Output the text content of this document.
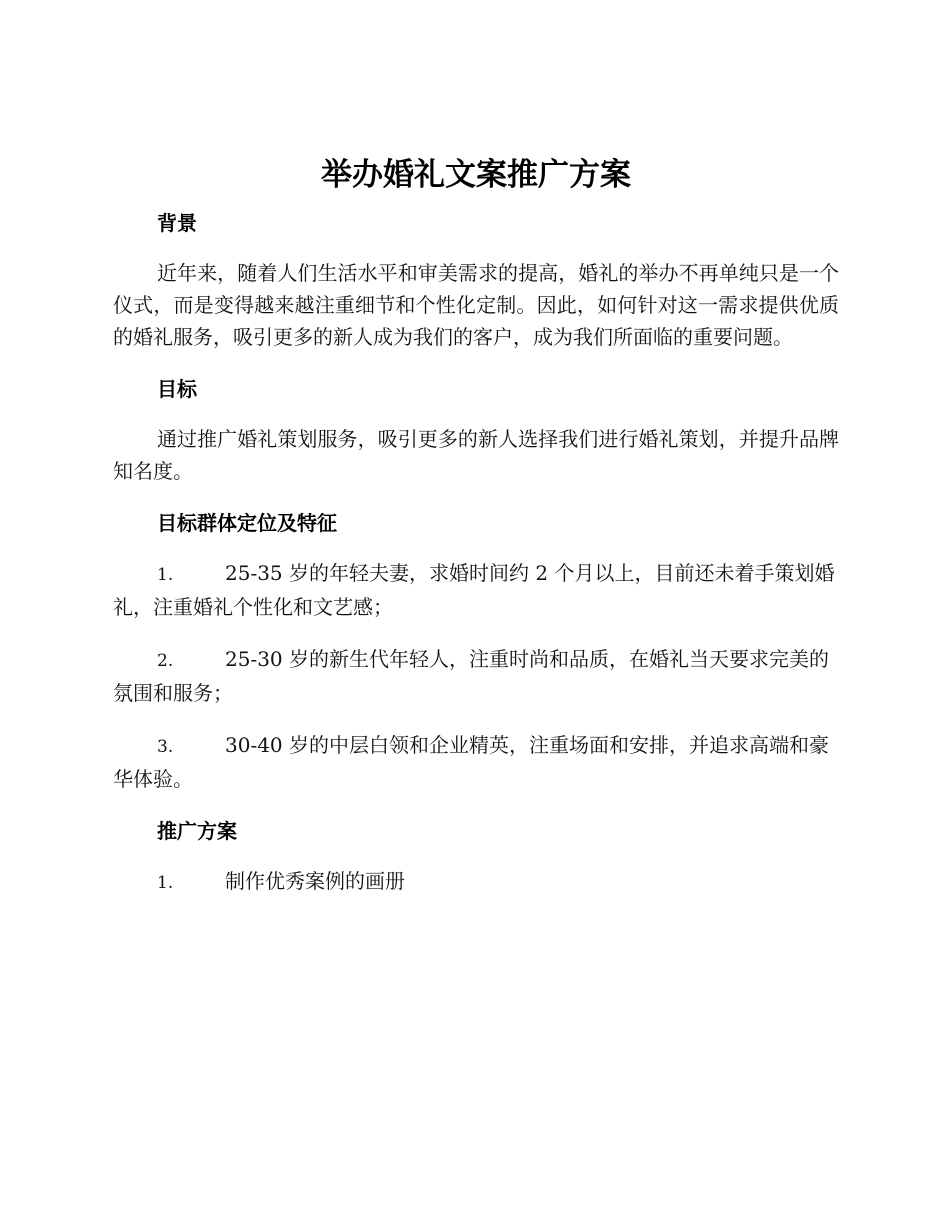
举办婚礼文案推广方案
背景

近年来，随着人们生活水平和审美需求的提高，婚礼的举办不再单纯只是一个仪式，而是变得越来越注重细节和个性化定制。因此，如何针对这一需求提供优质的婚礼服务，吸引更多的新人成为我们的客户，成为我们所面临的重要问题。

目标

通过推广婚礼策划服务，吸引更多的新人选择我们进行婚礼策划，并提升品牌知名度。

目标群体定位及特征
1.	25-35 岁的年轻夫妻，求婚时间约 2 个月以上，目前还未着手策划婚礼，注重婚礼个性化和文艺感；
2.	25-30 岁的新生代年轻人，注重时尚和品质，在婚礼当天要求完美的氛围和服务；
3.	30-40 岁的中层白领和企业精英，注重场面和安排，并追求高端和豪华体验。
推广方案
1.	制作优秀案例的画册
